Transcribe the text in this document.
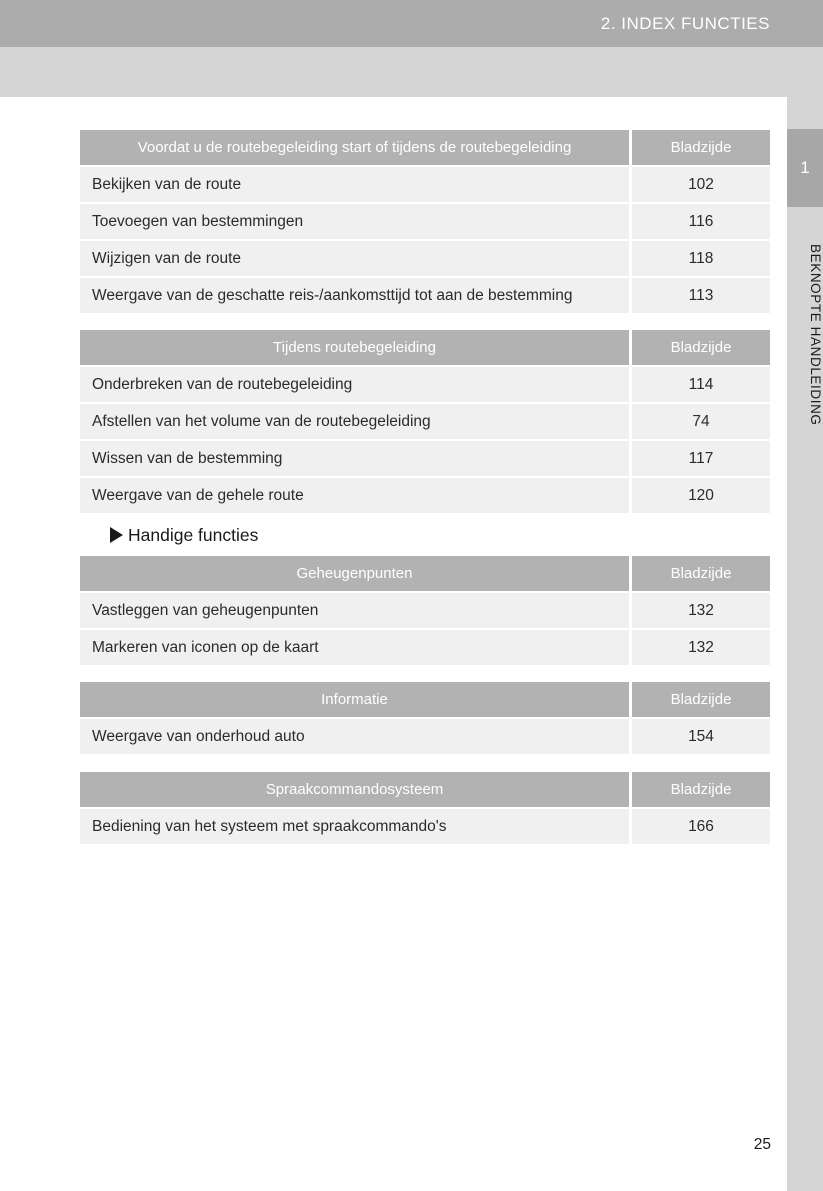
2. INDEX FUNCTIES
1
BEKNOPTE HANDLEIDING
Voordat u de routebegeleiding start of tijdens de routebegeleiding	Bladzijde
Bekijken van de route	102
Toevoegen van bestemmingen	116
Wijzigen van de route	118
Weergave van de geschatte reis-/aankomsttijd tot aan de bestemming	113
Tijdens routebegeleiding	Bladzijde
Onderbreken van de routebegeleiding	114
Afstellen van het volume van de routebegeleiding	74
Wissen van de bestemming	117
Weergave van de gehele route	120
Handige functies
Geheugenpunten	Bladzijde
Vastleggen van geheugenpunten	132
Markeren van iconen op de kaart	132
Informatie	Bladzijde
Weergave van onderhoud auto	154
Spraakcommandosysteem	Bladzijde
Bediening van het systeem met spraakcommando's	166
25
